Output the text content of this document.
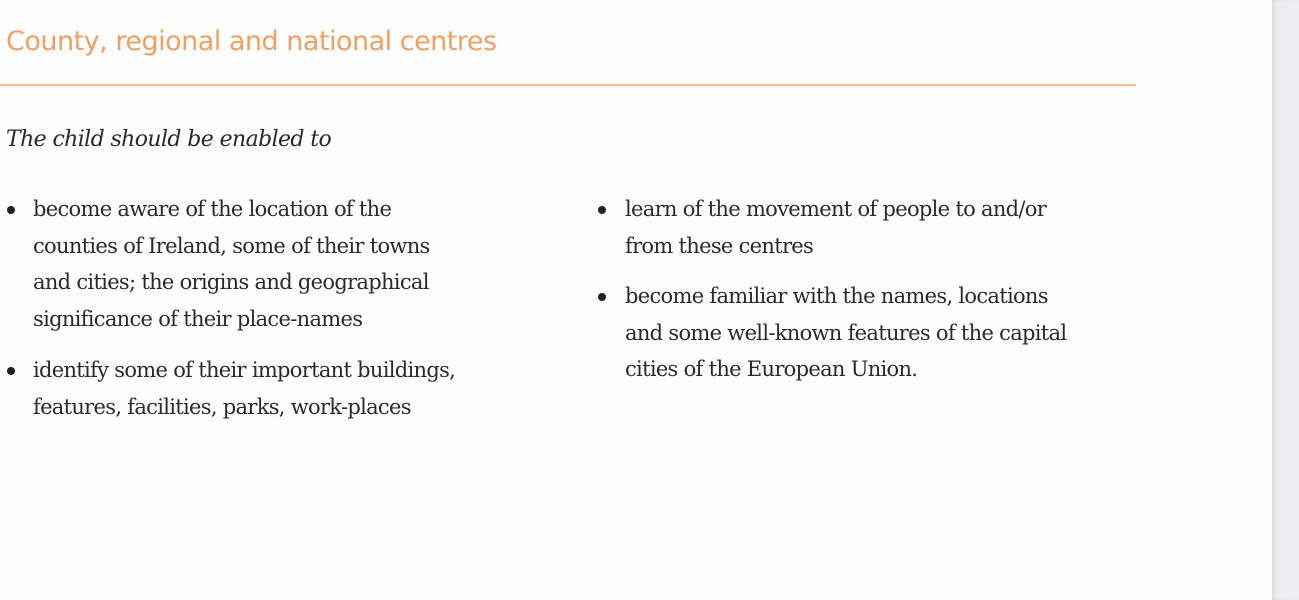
County, regional and national centres

The child should be enabled to

become aware of the location of the
counties of Ireland, some of their towns
and cities; the origins and geographical
significance of their place-names
identify some of their important buildings,
features, facilities, parks, work-places
learn of the movement of people to and/or
from these centres
become familiar with the names, locations
and some well-known features of the capital
cities of the European Union.
